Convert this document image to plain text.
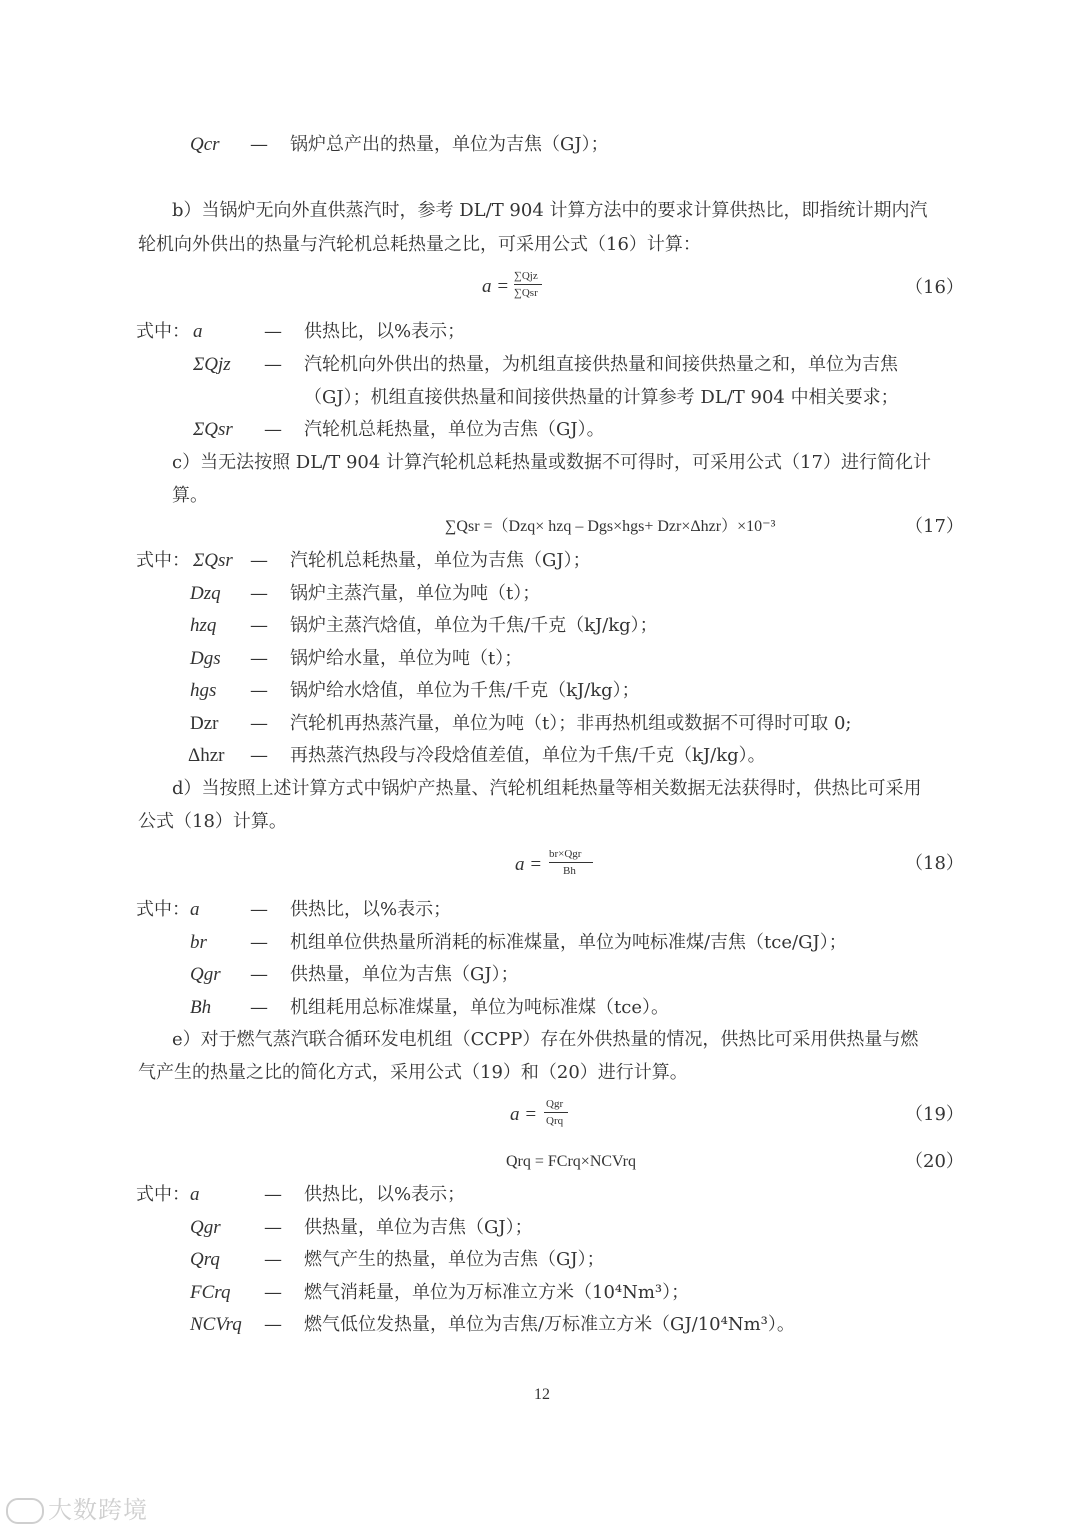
Qcr — 锅炉总产出的热量，单位为吉焦（GJ）；
b）当锅炉无向外直供蒸汽时，参考 DL/T 904 计算方法中的要求计算供热比，即指统计期内汽
轮机向外供出的热量与汽轮机总耗热量之比，可采用公式（16）计算：
a = ∑Qjz
∑Qsr	（16）
式中： a	— 供热比，以%表示；
ΣQjz — 汽轮机向外供出的热量，为机组直接供热量和间接供热量之和，单位为吉焦
（GJ）；机组直接供热量和间接供热量的计算参考 DL/T 904 中相关要求；
ΣQsr — 汽轮机总耗热量，单位为吉焦（GJ）。
c）当无法按照 DL/T 904 计算汽轮机总耗热量或数据不可得时，可采用公式（17）进行简化计
算。
∑Qsr =（Dzq× hzq – Dgs×hgs+ Dzr×Δhzr）×10⁻³	（17）
式中： ΣQsr — 汽轮机总耗热量，单位为吉焦（GJ）；
Dzq — 锅炉主蒸汽量，单位为吨（t）；
hzq — 锅炉主蒸汽焓值，单位为千焦/千克（kJ/kg）；
Dgs — 锅炉给水量，单位为吨（t）；
hgs — 锅炉给水焓值，单位为千焦/千克（kJ/kg）；
Dzr — 汽轮机再热蒸汽量，单位为吨（t）；非再热机组或数据不可得时可取 0;
Δhzr — 再热蒸汽热段与冷段焓值差值，单位为千焦/千克（kJ/kg）。
d）当按照上述计算方式中锅炉产热量、汽轮机组耗热量等相关数据无法获得时，供热比可采用
公式（18）计算。
a = br×Qgr
Bh	（18）
式中： a	— 供热比，以%表示；
br — 机组单位供热量所消耗的标准煤量，单位为吨标准煤/吉焦（tce/GJ）；
Qgr — 供热量，单位为吉焦（GJ）；
Bh — 机组耗用总标准煤量，单位为吨标准煤（tce）。
e）对于燃气蒸汽联合循环发电机组（CCPP）存在外供热量的情况，供热比可采用供热量与燃
气产生的热量之比的简化方式，采用公式（19）和（20）进行计算。
a = Qgr
Qrq	（19）
Qrq = FCrq×NCVrq	（20）
式中： a	— 供热比，以%表示；
Qgr — 供热量，单位为吉焦（GJ）；
Qrq — 燃气产生的热量，单位为吉焦（GJ）；
FCrq — 燃气消耗量，单位为万标准立方米（10⁴Nm³）；
NCVrq — 燃气低位发热量，单位为吉焦/万标准立方米（GJ/10⁴Nm³）。
12
大数跨境
